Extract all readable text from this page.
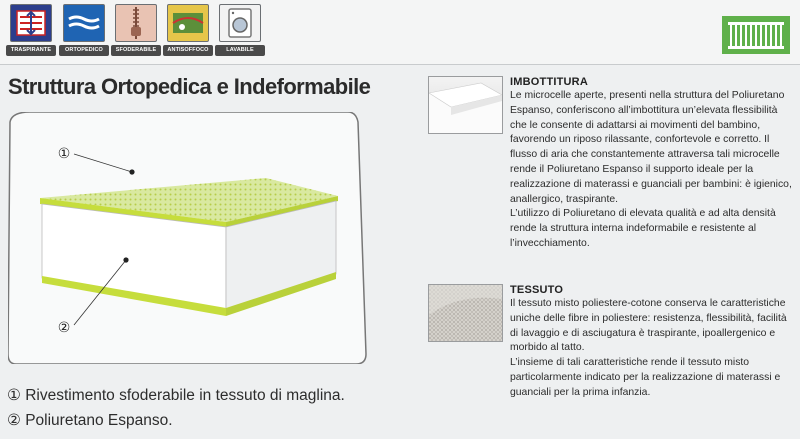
TRASPIRANTE	ORTOPEDICO	SFODERABILE	ANTISOFFOCO	LAVABILE
Struttura Ortopedica e Indeformabile
①
②
① Rivestimento sfoderabile in tessuto di maglina.
② Poliuretano Espanso.
IMBOTTITURA

Le microcelle aperte, presenti nella struttura del Poliuretano Espanso, conferiscono all’imbottitura un’elevata flessibilità che le consente di adattarsi ai movimenti del bambino, favorendo un riposo rilassante, confortevole e corretto. Il flusso di aria che constantemente attraversa tali microcelle rende il Poliuretano Espanso il supporto ideale per la realizzazione di materassi e guanciali per bambini: è igienico, anallergico, traspirante.

L’utilizzo di Poliuretano di elevata qualità e ad alta densità rende la struttura interna indeformabile e resistente al l’invecchiamento.

TESSUTO

Il tessuto misto poliestere-cotone conserva le caratteristiche uniche delle fibre in poliestere: resistenza, flessibilità, facilità di lavaggio e di asciugatura è traspirante, ipoallergenico e morbido al tatto.

L’insieme di tali caratteristiche rende il tessuto misto particolarmente indicato per la realizzazione di materassi e guanciali per la prima infanzia.
